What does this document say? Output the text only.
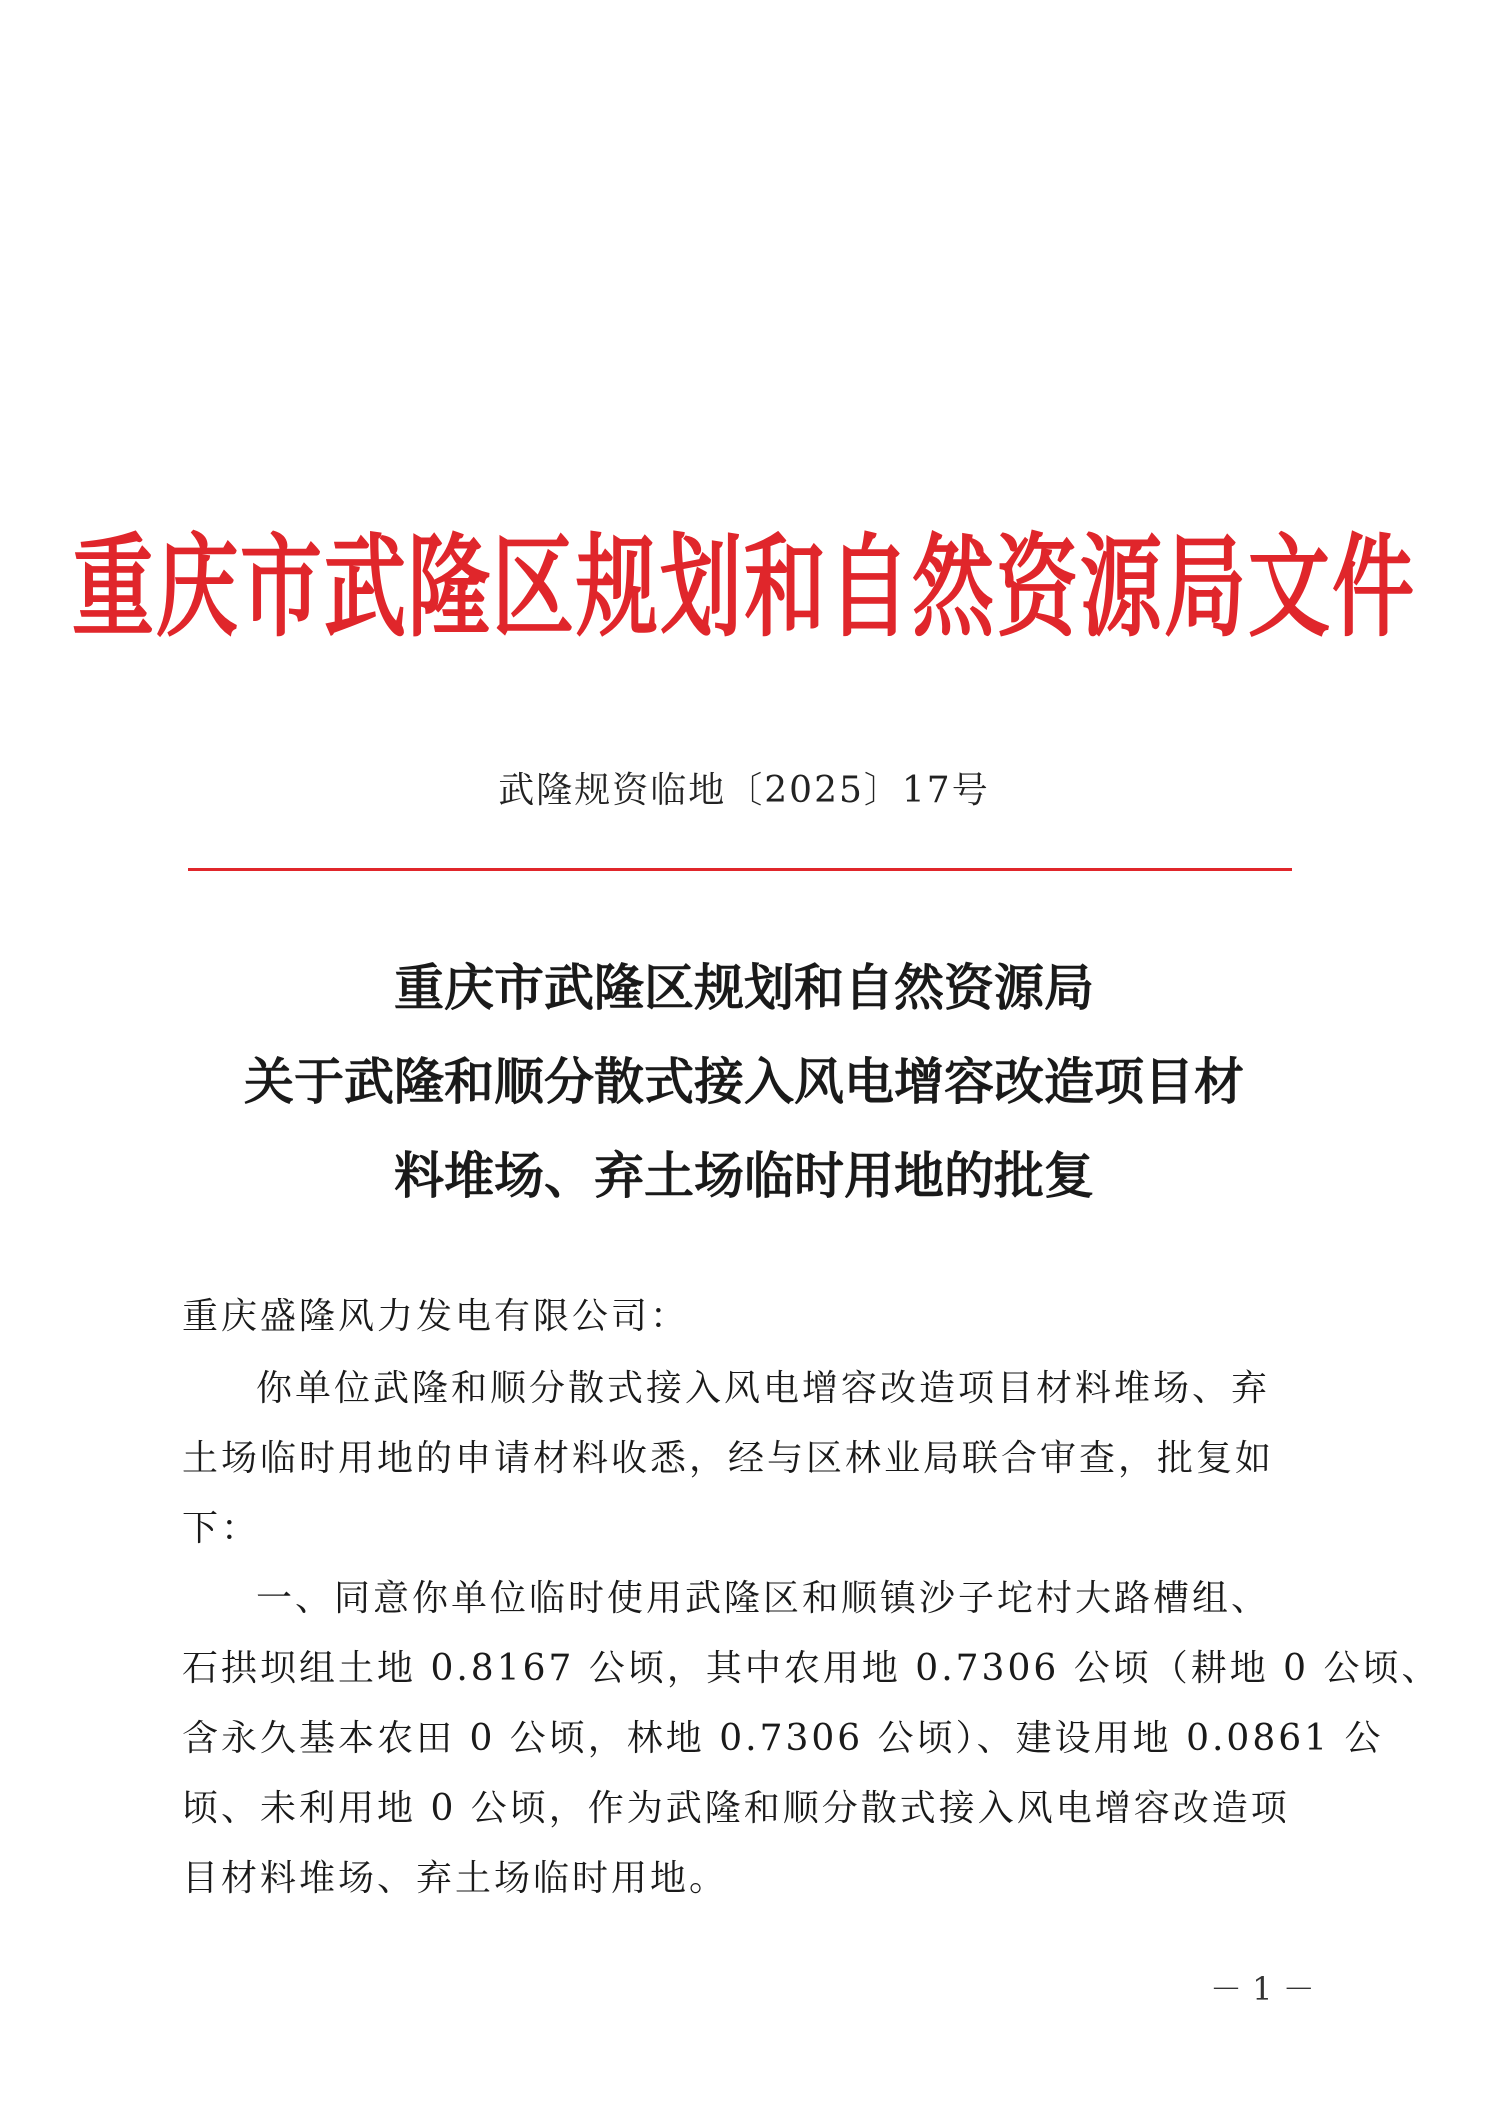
重庆市武隆区规划和自然资源局文件
武隆规资临地〔2025〕17号
重庆市武隆区规划和自然资源局
关于武隆和顺分散式接入风电增容改造项目材
料堆场、弃土场临时用地的批复
重庆盛隆风力发电有限公司：
你单位武隆和顺分散式接入风电增容改造项目材料堆场、弃
土场临时用地的申请材料收悉，经与区林业局联合审查，批复如
下：
一、同意你单位临时使用武隆区和顺镇沙子坨村大路槽组、
石拱坝组土地 0.8167 公顷，其中农用地 0.7306 公顷（耕地 0 公顷、
含永久基本农田 0 公顷，林地 0.7306 公顷）、建设用地 0.0861 公
顷、未利用地 0 公顷，作为武隆和顺分散式接入风电增容改造项
目材料堆场、弃土场临时用地。
－ 1 －
